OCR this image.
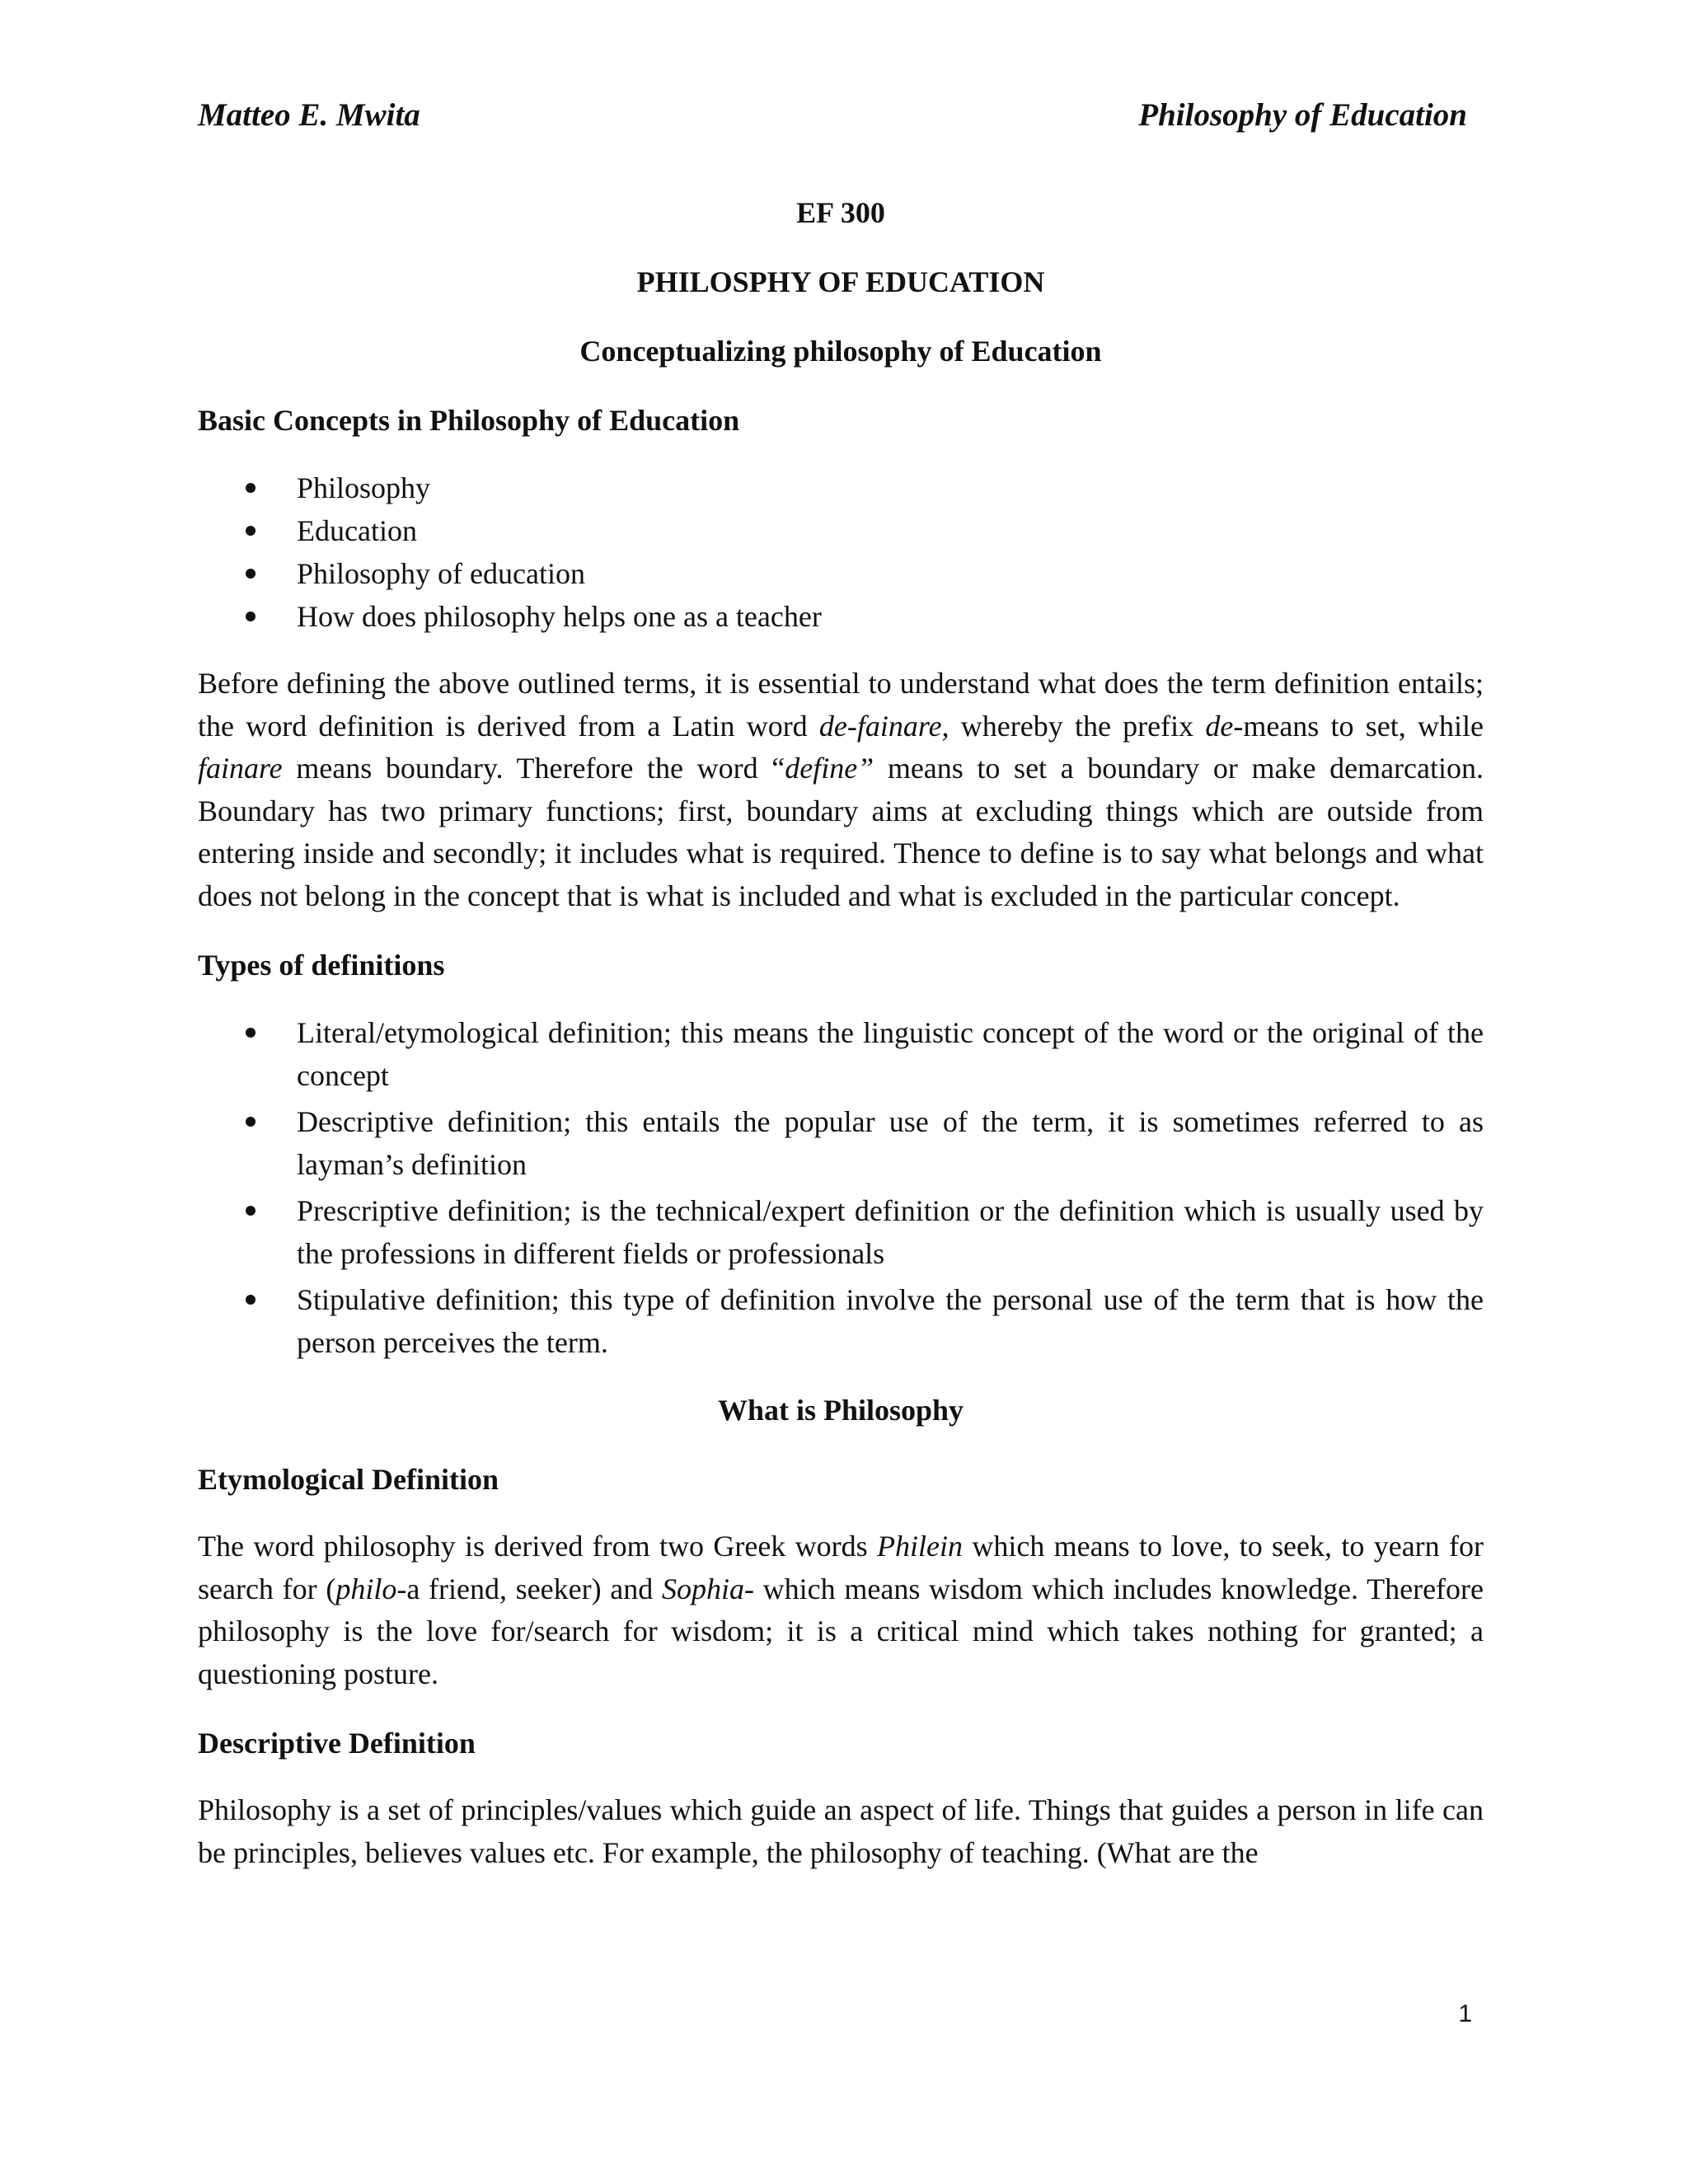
Matteo E. Mwita	Philosophy of Education

EF 300

PHILOSPHY OF EDUCATION

Conceptualizing philosophy of Education

Basic Concepts in Philosophy of Education
Philosophy
Education
Philosophy of education
How does philosophy helps one as a teacher

Before defining the above outlined terms, it is essential to understand what does the term definition entails; the word definition is derived from a Latin word de-fainare, whereby the prefix de-means to set, while fainare means boundary. Therefore the word “define” means to set a boundary or make demarcation. Boundary has two primary functions; first, boundary aims at excluding things which are outside from entering inside and secondly; it includes what is required. Thence to define is to say what belongs and what does not belong in the concept that is what is included and what is excluded in the particular concept.

Types of definitions
Literal/etymological definition; this means the linguistic concept of the word or the original of the concept
Descriptive definition; this entails the popular use of the term, it is sometimes referred to as layman’s definition
Prescriptive definition; is the technical/expert definition or the definition which is usually used by the professions in different fields or professionals
Stipulative definition; this type of definition involve the personal use of the term that is how the person perceives the term.

What is Philosophy

Etymological Definition

The word philosophy is derived from two Greek words Philein which means to love, to seek, to yearn for search for (philo-a friend, seeker) and Sophia- which means wisdom which includes knowledge. Therefore philosophy is the love for/search for wisdom; it is a critical mind which takes nothing for granted; a questioning posture.

Descriptive Definition

Philosophy is a set of principles/values which guide an aspect of life. Things that guides a person in life can be principles, believes values etc. For example, the philosophy of teaching. (What are the

1
